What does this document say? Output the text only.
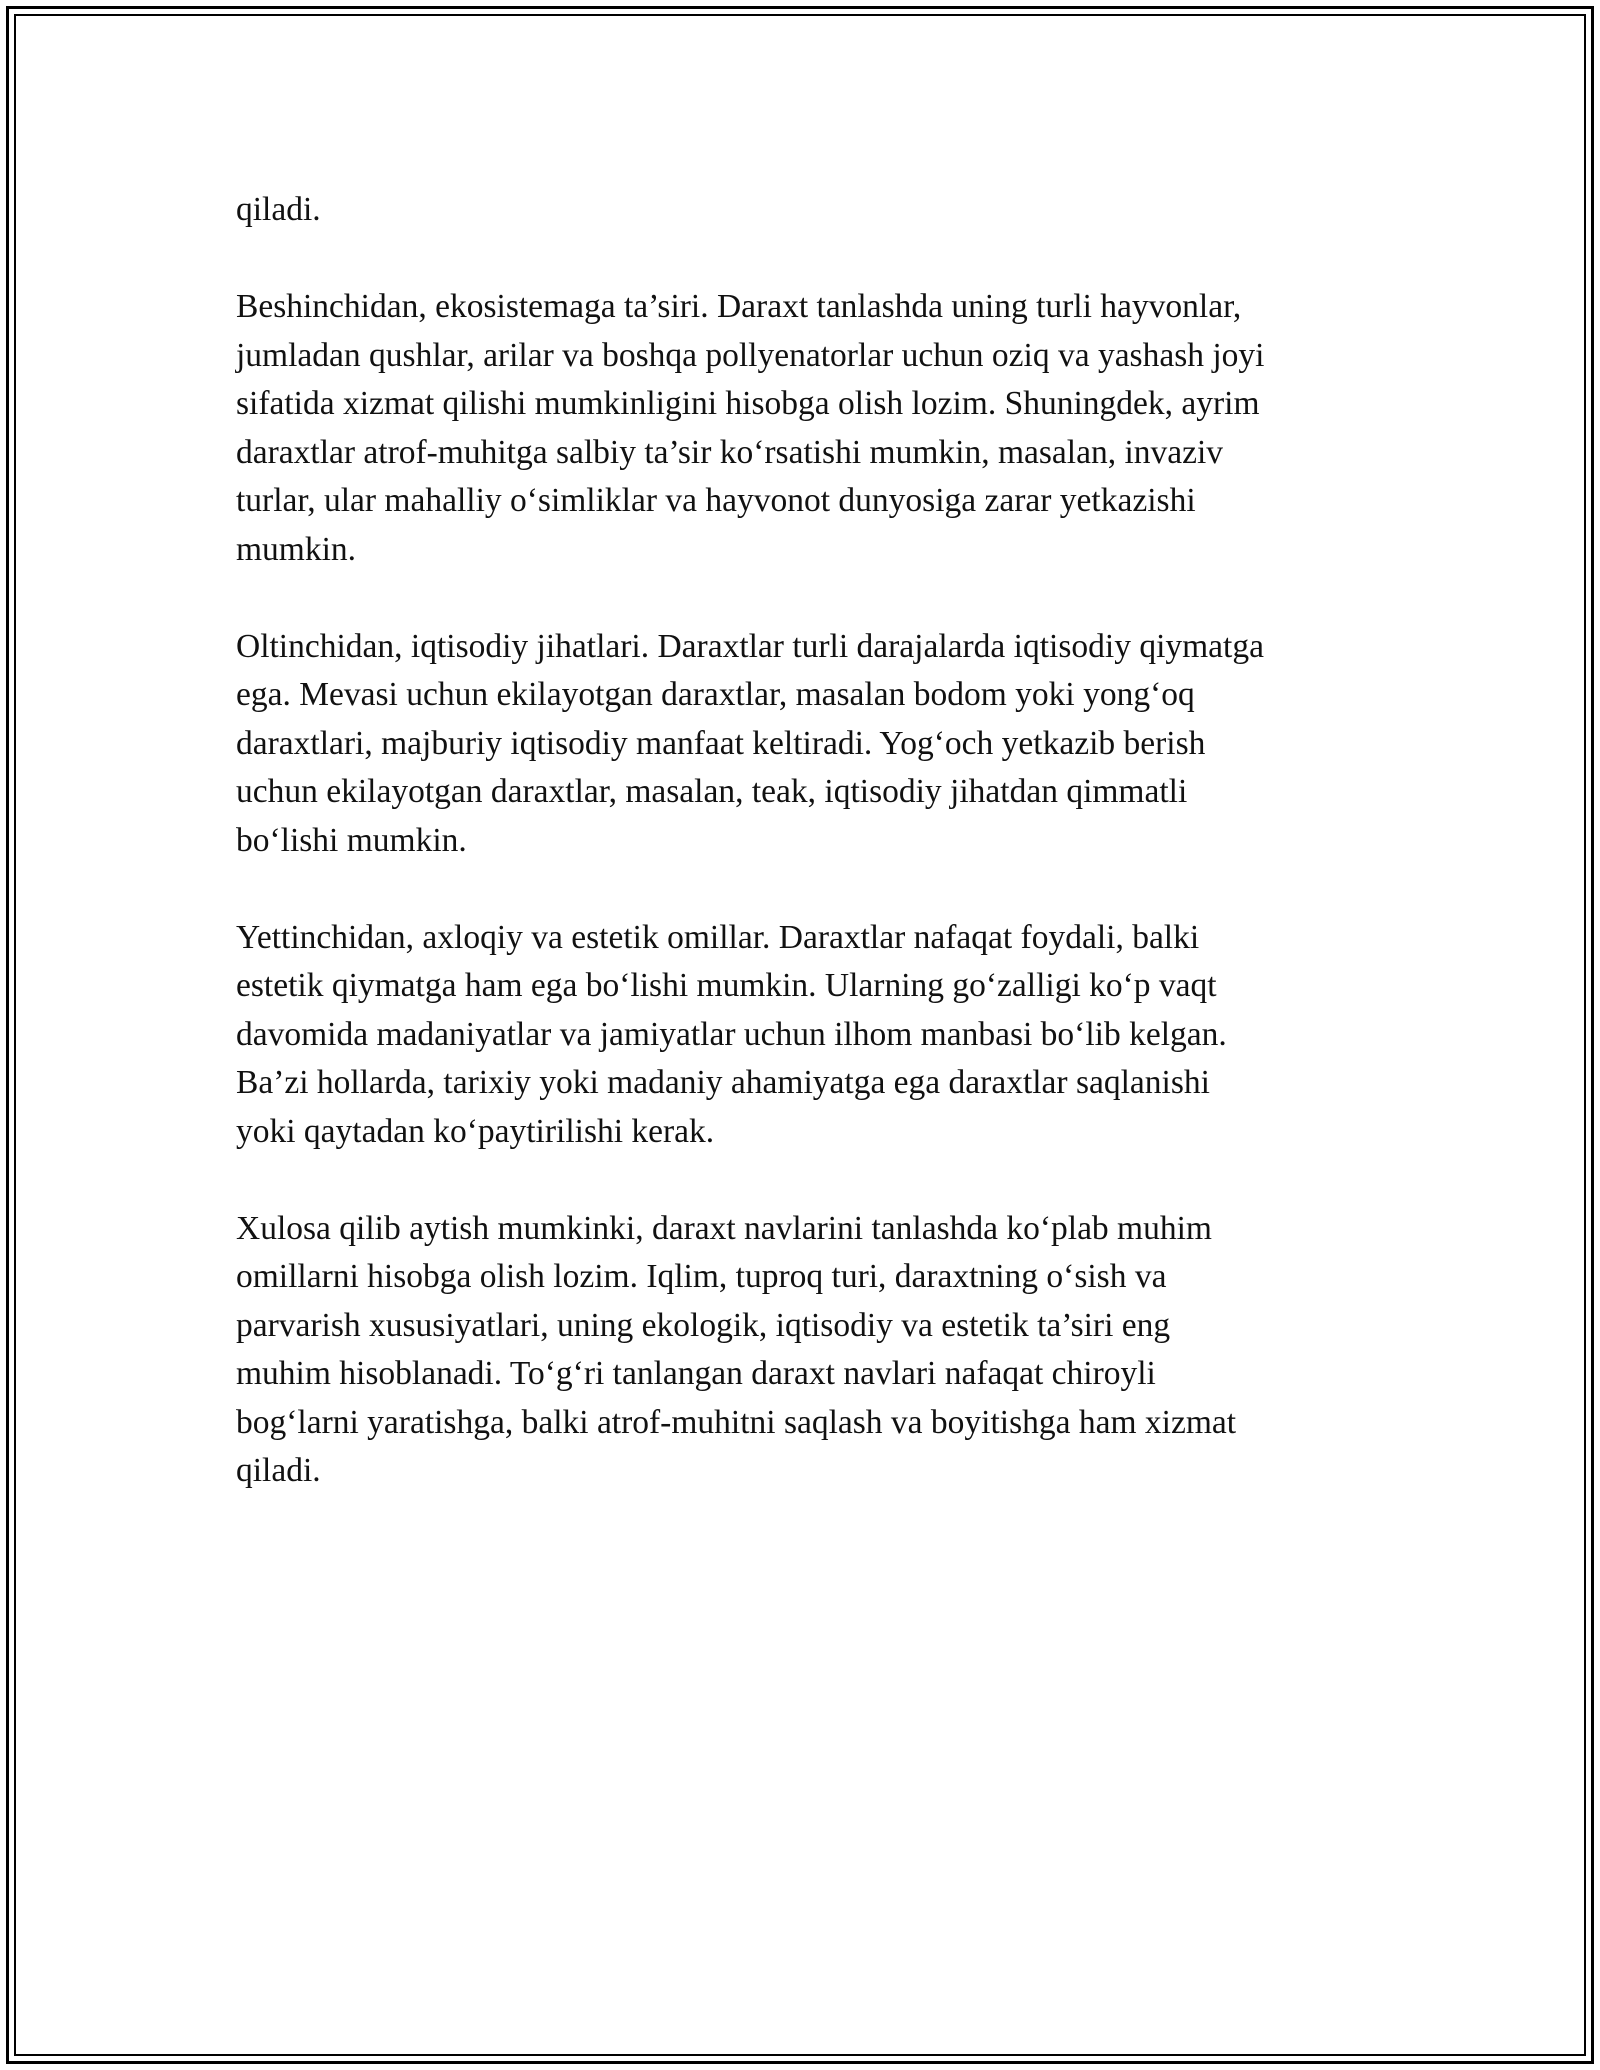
qiladi.

Beshinchidan, ekosistemaga ta’siri. Daraxt tanlashda uning turli hayvonlar,
jumladan qushlar, arilar va boshqa pollyenatorlar uchun oziq va yashash joyi
sifatida xizmat qilishi mumkinligini hisobga olish lozim. Shuningdek, ayrim
daraxtlar atrof-muhitga salbiy ta’sir ko‘rsatishi mumkin, masalan, invaziv
turlar, ular mahalliy o‘simliklar va hayvonot dunyosiga zarar yetkazishi
mumkin.

Oltinchidan, iqtisodiy jihatlari. Daraxtlar turli darajalarda iqtisodiy qiymatga
ega. Mevasi uchun ekilayotgan daraxtlar, masalan bodom yoki yong‘oq
daraxtlari, majburiy iqtisodiy manfaat keltiradi. Yog‘och yetkazib berish
uchun ekilayotgan daraxtlar, masalan, teak, iqtisodiy jihatdan qimmatli
bo‘lishi mumkin.

Yettinchidan, axloqiy va estetik omillar. Daraxtlar nafaqat foydali, balki
estetik qiymatga ham ega bo‘lishi mumkin. Ularning go‘zalligi ko‘p vaqt
davomida madaniyatlar va jamiyatlar uchun ilhom manbasi bo‘lib kelgan.
Ba’zi hollarda, tarixiy yoki madaniy ahamiyatga ega daraxtlar saqlanishi
yoki qaytadan ko‘paytirilishi kerak.

Xulosa qilib aytish mumkinki, daraxt navlarini tanlashda ko‘plab muhim
omillarni hisobga olish lozim. Iqlim, tuproq turi, daraxtning o‘sish va
parvarish xususiyatlari, uning ekologik, iqtisodiy va estetik ta’siri eng
muhim hisoblanadi. To‘g‘ri tanlangan daraxt navlari nafaqat chiroyli
bog‘larni yaratishga, balki atrof-muhitni saqlash va boyitishga ham xizmat
qiladi.
